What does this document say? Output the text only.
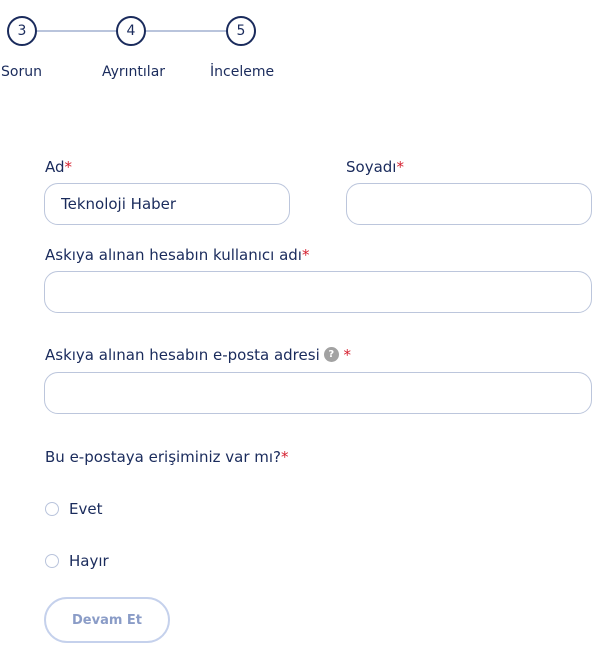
3	4	5
Sorun	Ayrıntılar	İnceleme
Ad*
Teknoloji Haber	Soyadı*
Askıya alınan hesabın kullanıcı adı*
Askıya alınan hesabın e-posta adresi ? *
Bu e-postaya erişiminiz var mı?*
Evet
Hayır
Devam Et
